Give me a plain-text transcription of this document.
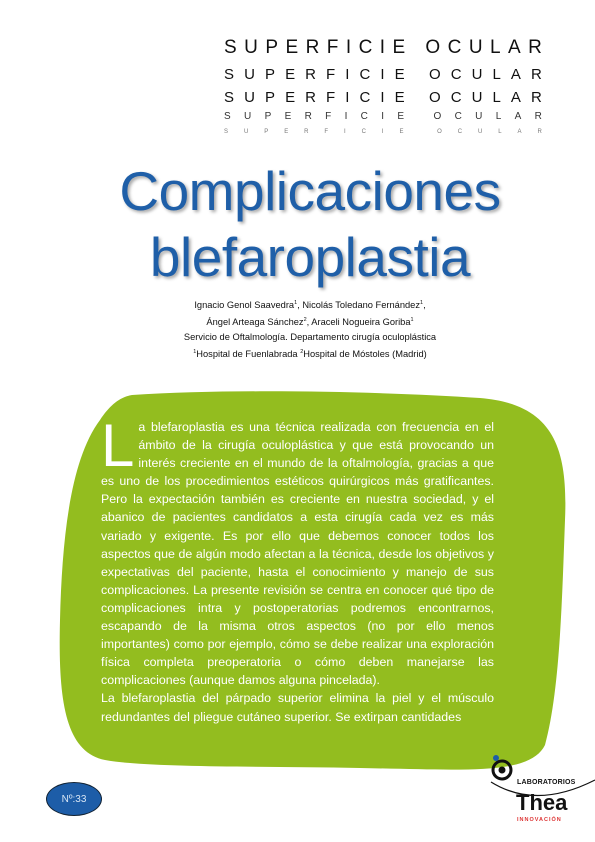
S U P E R F I C I E
O C U L A R
S U P E R F I C I E
O C U L A R
S U P E R F I C I E
O C U L A R
S U P E R F I C I E
	O C U L A R
S	U	P	E	R	F	I	C	I	E
	O	C	U	L	A	R
Complicaciones
blefaroplastia
Ignacio Genol Saavedra$^1$, Nicolás Toledano Fernández$^1$,
Ángel Arteaga Sánchez$^2$, Araceli Nogueira Goriba$^1$
Servicio de Oftalmología. Departamento cirugía oculoplástica
$^1$Hospital de Fuenlabrada $^2$Hospital de Móstoles (Madrid)

La blefaroplastia es una técnica realizada con frecuencia en el ámbito de la cirugía oculoplástica y que está provocando un interés creciente en el mundo de la oftalmología, gracias a que es uno de los procedimientos estéticos quirúrgicos más gratificantes. Pero la expectación también es creciente en nuestra sociedad, y el abanico de pacientes candidatos a esta cirugía cada vez es más variado y exigente. Es por ello que debemos conocer todos los aspectos que de algún modo afectan a la técnica, desde los objetivos y expectativas del paciente, hasta el conocimiento y manejo de sus complicaciones. La presente revisión se centra en conocer qué tipo de complicaciones intra y postoperatorias podremos encontrarnos, escapando de la misma otros aspectos (no por ello menos importantes) como por ejemplo, cómo se debe realizar una exploración física completa preoperatoria o cómo deben manejarse las complicaciones (aunque damos alguna pincelada).

La blefaroplastia del párpado superior elimina la piel y el músculo redundantes del pliegue cutáneo superior. Se extirpan cantidades

Nº:33
LABORATORIOS
Thea
INNOVACIÓN
